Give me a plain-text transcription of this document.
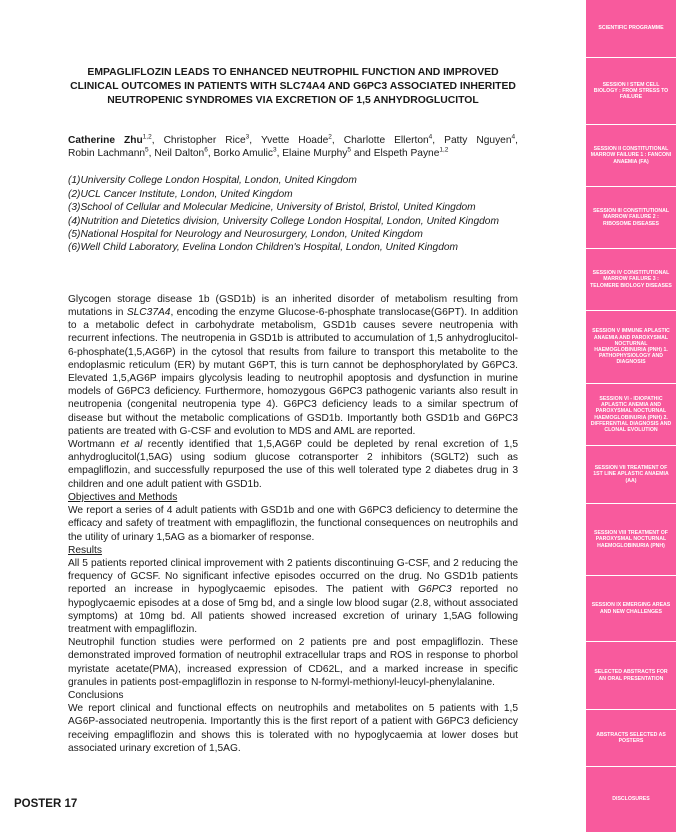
EMPAGLIFLOZIN LEADS TO ENHANCED NEUTROPHIL FUNCTION AND IMPROVED CLINICAL OUTCOMES IN PATIENTS WITH SLC74A4 AND G6PC3 ASSOCIATED INHERITED NEUTROPENIC SYNDROMES VIA EXCRETION OF 1,5 ANHYDROGLUCITOL

Catherine Zhu$^{1,2}$, Christopher Rice$^3$, Yvette Hoade$^2$, Charlotte Ellerton$^4$, Patty Nguyen$^4$, Robin Lachmann$^5$, Neil Dalton$^6$, Borko Amulic$^3$, Elaine Murphy$^5$ and Elspeth Payne$^{1,2}$

(1)University College London Hospital, London, United Kingdom

(2)UCL Cancer Institute, London, United Kingdom

(3)School of Cellular and Molecular Medicine, University of Bristol, Bristol, United Kingdom

(4)Nutrition and Dietetics division, University College London Hospital, London, United Kingdom

(5)National Hospital for Neurology and Neurosurgery, London, United Kingdom

(6)Well Child Laboratory, Evelina London Children's Hospital, London, United Kingdom

Glycogen storage disease 1b (GSD1b) is an inherited disorder of metabolism resulting from mutations in SLC37A4, encoding the enzyme Glucose-6-phosphate translocase(G6PT). In addition to a metabolic defect in carbohydrate metabolism, GSD1b causes severe neutropenia with recurrent infections. The neutropenia in GSD1b is attributed to accumulation of 1,5 anhydroglucitol-6-phosphate(1,5,AG6P) in the cytosol that results from failure to transport this metabolite to the endoplasmic reticulum (ER) by mutant G6PT, this is turn cannot be dephosphorylated by G6PC3. Elevated 1,5,AG6P impairs glycolysis leading to neutrophil apoptosis and dysfunction in murine models of G6PC3 deficiency. Furthermore, homozygous G6PC3 pathogenic variants also result in neutropenia (congenital neutropenia type 4). G6PC3 deficiency leads to a similar spectrum of disease but without the metabolic complications of GSD1b. Importantly both GSD1b and G6PC3 patients are treated with G-CSF and evolution to MDS and AML are reported.

Wortmann et al recently identified that 1,5,AG6P could be depleted by renal excretion of 1,5 anhydroglucitol(1,5AG) using sodium glucose cotransporter 2 inhibitors (SGLT2) such as empagliflozin, and successfully repurposed the use of this well tolerated type 2 diabetes drug in 3 children and one adult patient with GSD1b.

Objectives and Methods

We report a series of 4 adult patients with GSD1b and one with G6PC3 deficiency to determine the efficacy and safety of treatment with empagliflozin, the functional consequences on neutrophils and the utility of urinary 1,5AG as a biomarker of response.

Results

All 5 patients reported clinical improvement with 2 patients discontinuing G-CSF, and 2 reducing the frequency of GCSF. No significant infective episodes occurred on the drug. No GSD1b patients reported an increase in hypoglycaemic episodes. The patient with G6PC3 reported no hypoglycaemic episodes at a dose of 5mg bd, and a single low blood sugar (2.8, without associated symptoms) at 10mg bd. All patients showed increased excretion of urinary 1,5AG following treatment with empagliflozin.

Neutrophil function studies were performed on 2 patients pre and post empagliflozin. These demonstrated improved formation of neutrophil extracellular traps and ROS in response to phorbol myristate acetate(PMA), increased expression of CD62L, and a marked increase in specific granules in patients post-empagliflozin in response to N-formyl-methionyl-leucyl-phenylalanine.

Conclusions

We report clinical and functional effects on neutrophils and metabolites on 5 patients with 1,5 AG6P-associated neutropenia. Importantly this is the first report of a patient with G6PC3 deficiency receiving empagliflozin and shows this is tolerated with no hypoglycaemia at lower doses but associated urinary excretion of 1,5AG.

POSTER 17
SCIENTIFIC PROGRAMME
SESSION I STEM CELL BIOLOGY : FROM STRESS TO FAILURE
SESSION II CONSTITUTIONAL MARROW FAILURE 1 : FANCONI ANAEMIA (FA)
SESSION III CONSTITUTIONAL MARROW FAILURE 2 : RIBOSOME DISEASES
SESSION IV CONSTITUTIONAL MARROW FAILURE 3 : TELOMERE BIOLOGY DISEASES
SESSION V IMMUNE APLASTIC ANAEMIA AND PAROXYSMAL NOCTURNAL HAEMOGLOBINURIA (PNH) 1. PATHOPHYSIOLOGY AND DIAGNOSIS
SESSION VI - IDIOPATHIC APLASTIC ANEMIA AND PAROXYSMAL NOCTURNAL HAEMOGLOBINURIA (PNH) 2. DIFFERENTIAL DIAGNOSIS AND CLONAL EVOLUTION
SESSION VII TREATMENT OF 1ST LINE APLASTIC ANAEMIA (AA)
SESSION VIII TREATMENT OF PAROXYSMAL NOCTURNAL HAEMOGLOBINURIA (PNH)
SESSION IX EMERGING AREAS AND NEW CHALLENGES
SELECTED ABSTRACTS FOR AN ORAL PRESENTATION
ABSTRACTS SELECTED AS POSTERS
DISCLOSURES
